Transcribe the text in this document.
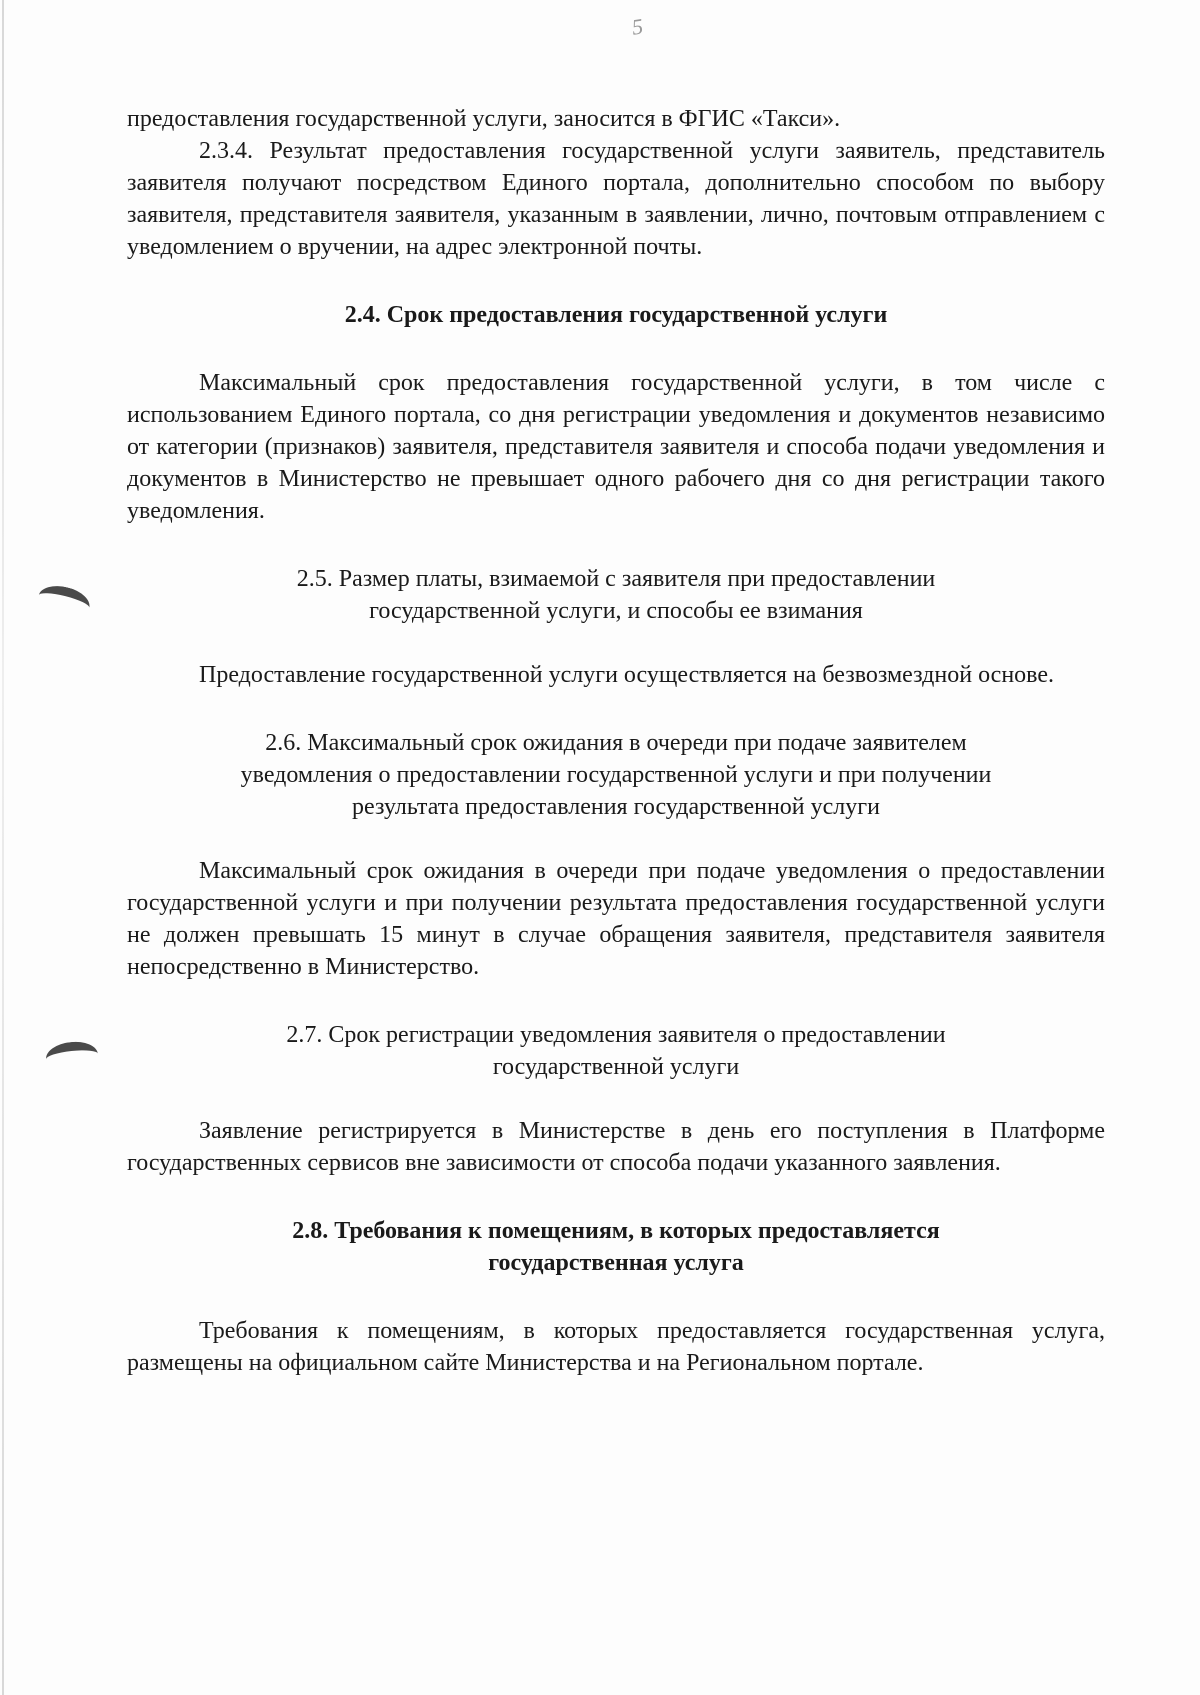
5

предоставления государственной услуги, заносится в ФГИС «Такси».

2.3.4. Результат предоставления государственной услуги заявитель, представитель заявителя получают посредством Единого портала, дополнительно способом по выбору заявителя, представителя заявителя, указанным в заявлении, лично, почтовым отправлением с уведомлением о вручении, на адрес электронной почты.

2.4. Срок предоставления государственной услуги

Максимальный срок предоставления государственной услуги, в том числе с использованием Единого портала, со дня регистрации уведомления и документов независимо от категории (признаков) заявителя, представителя заявителя и способа подачи уведомления и документов в Министерство не превышает одного рабочего дня со дня регистрации такого уведомления.

2.5. Размер платы, взимаемой с заявителя при предоставлении

государственной услуги, и способы ее взимания

Предоставление государственной услуги осуществляется на безвозмездной основе.

2.6. Максимальный срок ожидания в очереди при подаче заявителем

уведомления о предоставлении государственной услуги и при получении

результата предоставления государственной услуги

Максимальный срок ожидания в очереди при подаче уведомления о предоставлении государственной услуги и при получении результата предоставления государственной услуги не должен превышать 15 минут в случае обращения заявителя, представителя заявителя непосредственно в Министерство.

2.7. Срок регистрации уведомления заявителя о предоставлении

государственной услуги

Заявление регистрируется в Министерстве в день его поступления в Платформе государственных сервисов вне зависимости от способа подачи указанного заявления.

2.8. Требования к помещениям, в которых предоставляется

государственная услуга

Требования к помещениям, в которых предоставляется государственная услуга, размещены на официальном сайте Министерства и на Региональном портале.
